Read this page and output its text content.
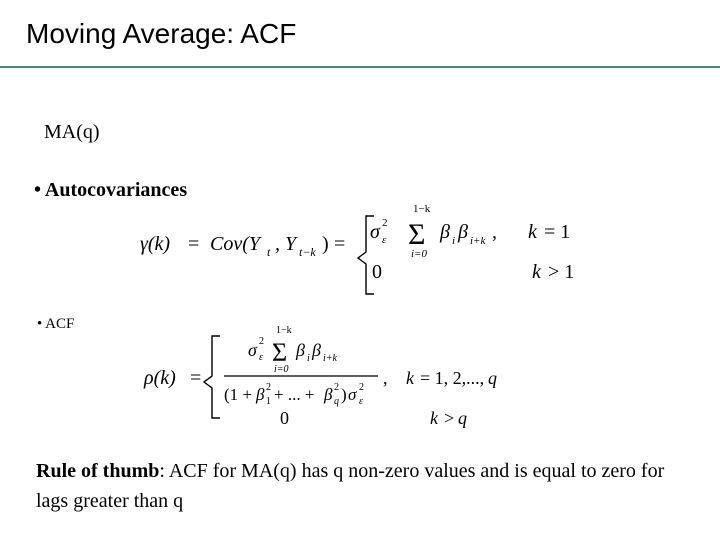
Moving Average: ACF
MA(q)
• Autocovariances
γ(k) = Cov(Y t , Y t−k ) =
σ 2
ε Σ
1−k
i=0
β i β i+k , k = 1
0	k > 1
• ACF
ρ(k) =
σ 2
ε Σ
1−k
i=0
β i β i+k
(1 + β 2
1 + ... + β 2
q ) σ 2
ε
, k = 1, 2,..., q
0	k > q
Rule of thumb: ACF for MA(q) has q non-zero values and is equal to zero for lags greater than q
